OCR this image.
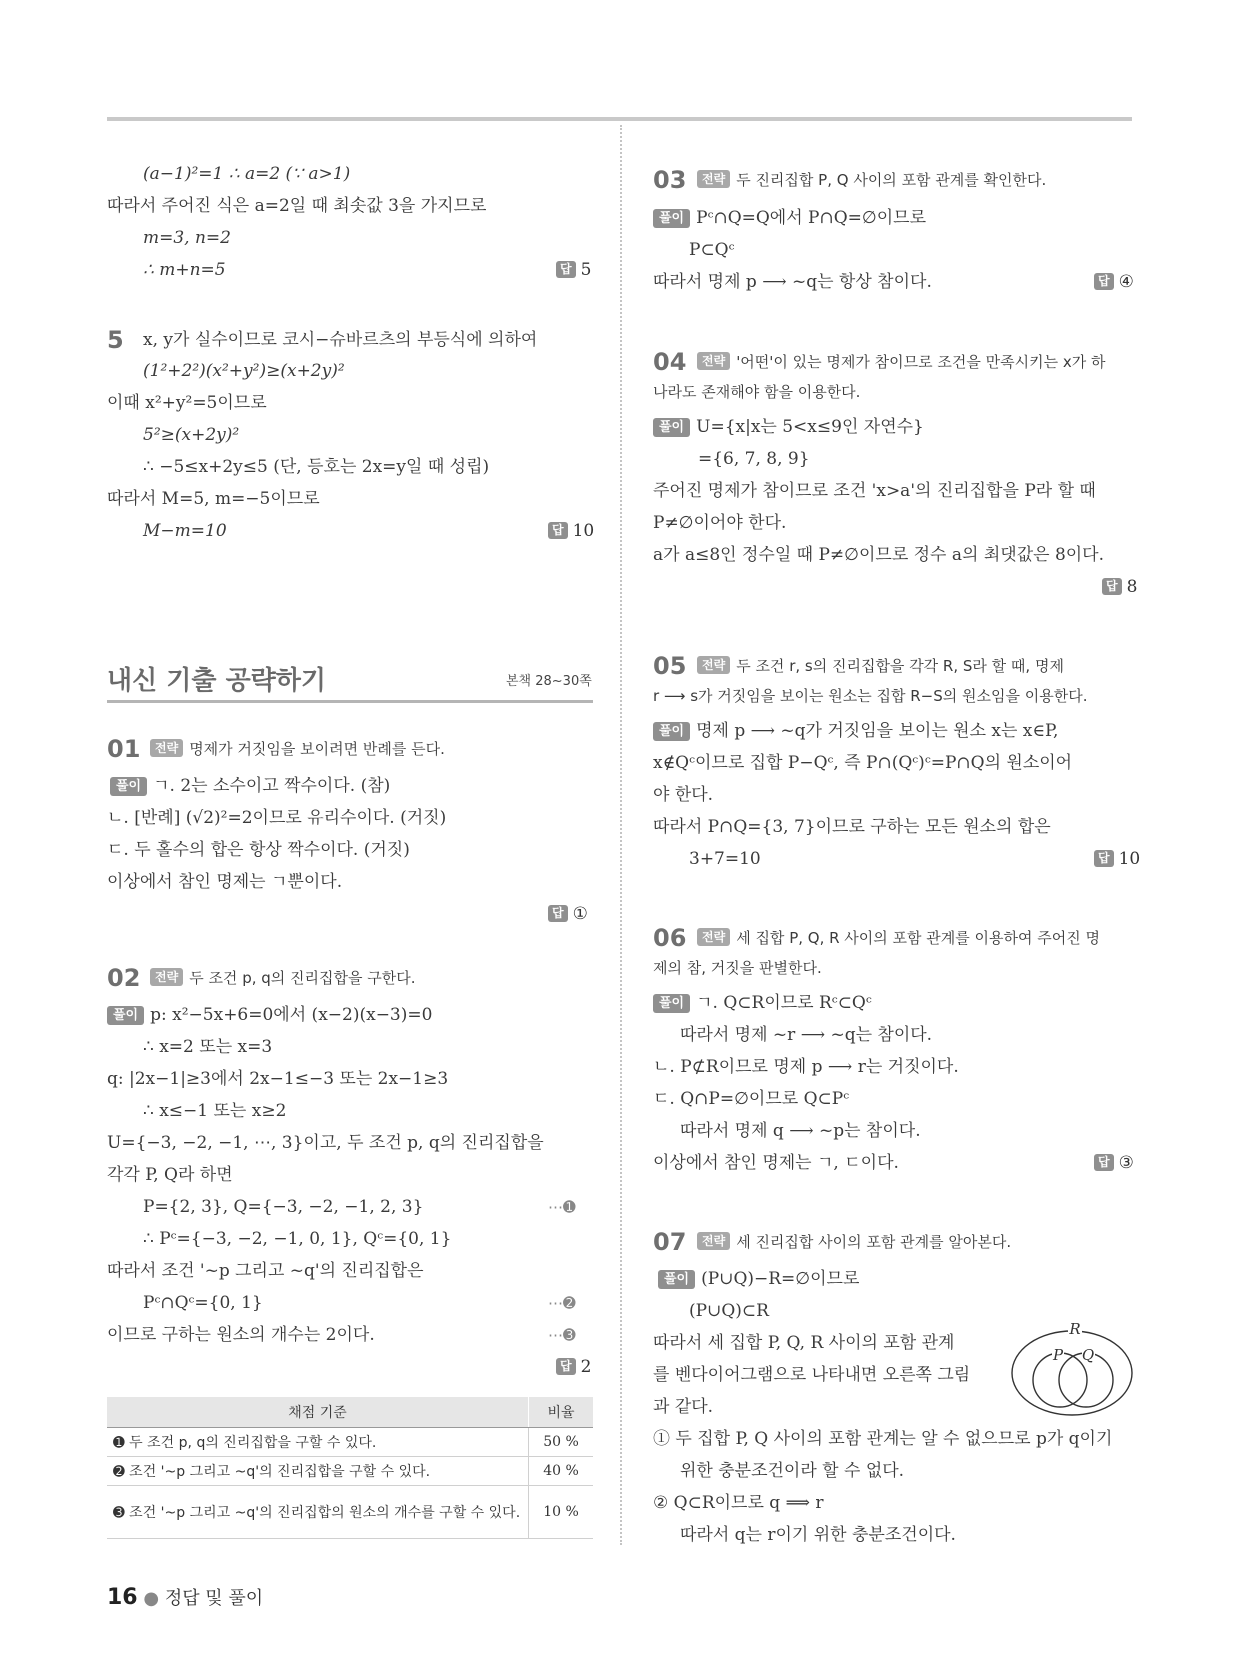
(a−1)²=1 ∴ a=2 (∵ a>1)
따라서 주어진 식은 a=2일 때 최솟값 3을 가지므로
m=3, n=2
∴ m+n=5	답 5
5 x, y가 실수이므로 코시−슈바르츠의 부등식에 의하여
(1²+2²)(x²+y²)≥(x+2y)²
이때 x²+y²=5이므로
5²≥(x+2y)²
∴ −5≤x+2y≤5 (단, 등호는 2x=y일 때 성립)
따라서 M=5, m=−5이므로
M−m=10	답 10
내신 기출 공략하기	본책 28~30쪽
01	전략 명제가 거짓임을 보이려면 반례를 든다.
풀이 ㄱ. 2는 소수이고 짝수이다. (참)
ㄴ. [반례] (√2)²=2이므로 유리수이다. (거짓)
ㄷ. 두 홀수의 합은 항상 짝수이다. (거짓)
이상에서 참인 명제는 ㄱ뿐이다.
답 ①
02	전략 두 조건 p, q의 진리집합을 구한다.
풀이 p: x²−5x+6=0에서 (x−2)(x−3)=0
∴ x=2 또는 x=3
q: |2x−1|≥3에서 2x−1≤−3 또는 2x−1≥3
∴ x≤−1 또는 x≥2
U={−3, −2, −1, ⋯, 3}이고, 두 조건 p, q의 진리집합을
각각 P, Q라 하면
P={2, 3}, Q={−3, −2, −1, 2, 3}	⋯➊
∴ Pᶜ={−3, −2, −1, 0, 1}, Qᶜ={0, 1}
따라서 조건 '~p 그리고 ~q'의 진리집합은
Pᶜ∩Qᶜ={0, 1}	⋯➋
이므로 구하는 원소의 개수는 2이다.	⋯➌
답 2
채점 기준	비율
➊ 두 조건 p, q의 진리집합을 구할 수 있다.	50 %
➋ 조건 '~p 그리고 ~q'의 진리집합을 구할 수 있다.	40 %
➌ 조건 '~p 그리고 ~q'의 진리집합의 원소의 개수를 구할 수 있다.	10 %
03	전략 두 진리집합 P, Q 사이의 포함 관계를 확인한다.
풀이 Pᶜ∩Q=Q에서 P∩Q=∅이므로
P⊂Qᶜ
따라서 명제 p ⟶ ~q는 항상 참이다.	답 ④
04	전략 '어떤'이 있는 명제가 참이므로 조건을 만족시키는 x가 하
나라도 존재해야 함을 이용한다.
풀이 U={x|x는 5<x≤9인 자연수}
={6, 7, 8, 9}
주어진 명제가 참이므로 조건 'x>a'의 진리집합을 P라 할 때
P≠∅이어야 한다.
a가 a≤8인 정수일 때 P≠∅이므로 정수 a의 최댓값은 8이다.
답 8
05	전략 두 조건 r, s의 진리집합을 각각 R, S라 할 때, 명제
r ⟶ s가 거짓임을 보이는 원소는 집합 R−S의 원소임을 이용한다.
풀이 명제 p ⟶ ~q가 거짓임을 보이는 원소 x는 x∈P,
x∉Qᶜ이므로 집합 P−Qᶜ, 즉 P∩(Qᶜ)ᶜ=P∩Q의 원소이어
야 한다.
따라서 P∩Q={3, 7}이므로 구하는 모든 원소의 합은
3+7=10	답 10
06	전략 세 집합 P, Q, R 사이의 포함 관계를 이용하여 주어진 명
제의 참, 거짓을 판별한다.
풀이 ㄱ. Q⊂R이므로 Rᶜ⊂Qᶜ
따라서 명제 ~r ⟶ ~q는 참이다.
ㄴ. P⊄R이므로 명제 p ⟶ r는 거짓이다.
ㄷ. Q∩P=∅이므로 Q⊂Pᶜ
따라서 명제 q ⟶ ~p는 참이다.
이상에서 참인 명제는 ㄱ, ㄷ이다.	답 ③
07	전략 세 진리집합 사이의 포함 관계를 알아본다.
풀이 (P∪Q)−R=∅이므로
(P∪Q)⊂R
따라서 세 집합 P, Q, R 사이의 포함 관계
를 벤다이어그램으로 나타내면 오른쪽 그림
과 같다.
① 두 집합 P, Q 사이의 포함 관계는 알 수 없으므로 p가 q이기
위한 충분조건이라 할 수 없다.
② Q⊂R이므로 q ⟹ r
따라서 q는 r이기 위한 충분조건이다.
R
P Q
16 ● 정답 및 풀이
